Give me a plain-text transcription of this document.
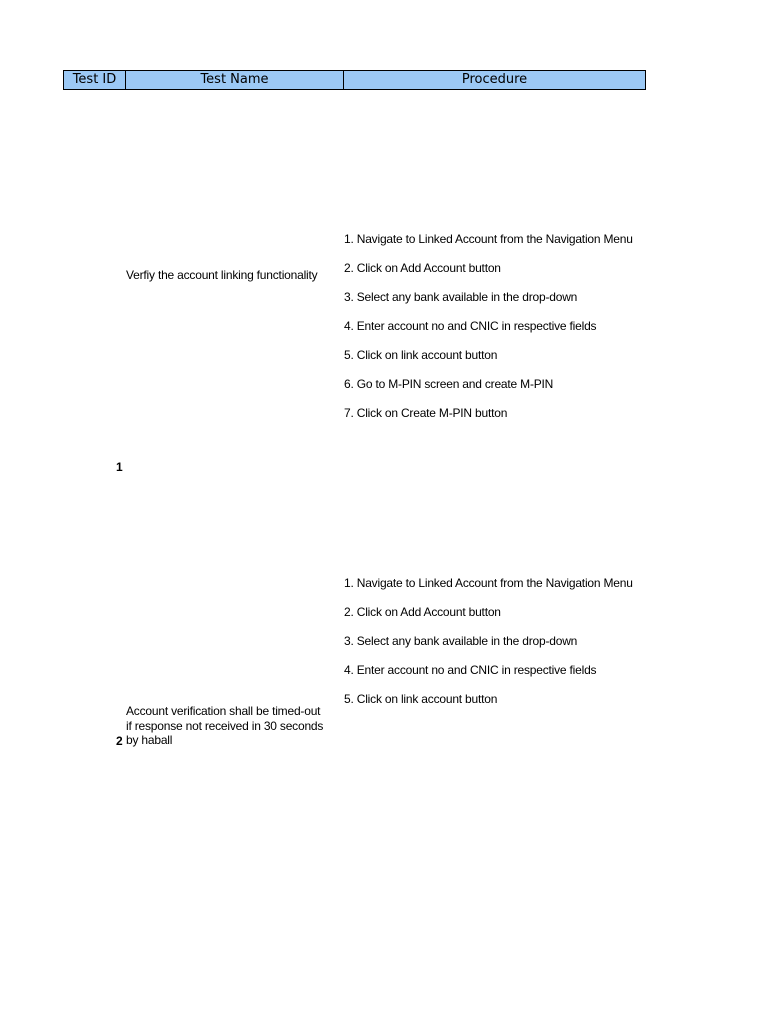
Test ID	Test Name	Procedure
1
Verfiy the account linking functionality

1. Navigate to Linked Account from the Navigation Menu

2. Click on Add Account button

3. Select any bank available in the drop-down

4. Enter account no and CNIC in respective fields

5. Click on link account button

6. Go to M-PIN screen and create M-PIN

7. Click on Create M-PIN button

2
Account verification shall be timed-out if response not received in 30 seconds by haball

1. Navigate to Linked Account from the Navigation Menu

2. Click on Add Account button

3. Select any bank available in the drop-down

4. Enter account no and CNIC in respective fields

5. Click on link account button
